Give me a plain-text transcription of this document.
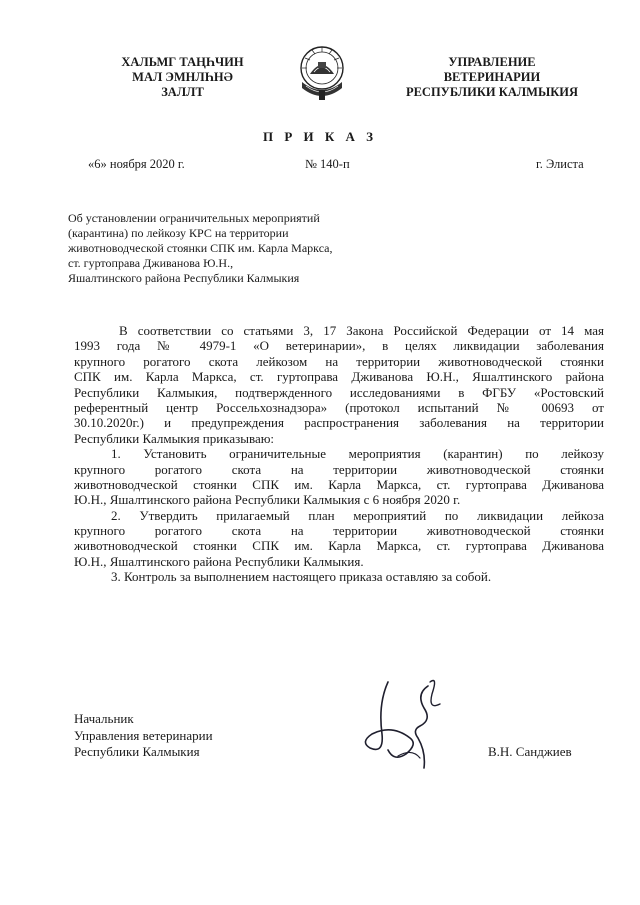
ХАЛЬМГ ТАҢҺЧИН
МАЛ ЭМНЛҺНӘ
ЗАЛЛТ
УПРАВЛЕНИЕ
ВЕТЕРИНАРИИ
РЕСПУБЛИКИ КАЛМЫКИЯ
П Р И К А З
«6» ноября 2020 г.	№ 140-п	г. Элиста
Об установлении ограничительных мероприятий
(карантина) по лейкозу КРС на территории
животноводческой стоянки СПК им. Карла Маркса,
ст. гуртоправа Дживанова Ю.Н.,
Яшалтинского района Республики Калмыкия
В соответствии со статьями 3, 17 Закона Российской Федерации от 14 мая
1993 года № 4979-1 «О ветеринарии», в целях ликвидации заболевания
крупного рогатого скота лейкозом на территории животноводческой стоянки
СПК им. Карла Маркса, ст. гуртоправа Дживанова Ю.Н., Яшалтинского района
Республики Калмыкия, подтвержденного исследованиями в ФГБУ «Ростовский
референтный центр Россельхознадзора» (протокол испытаний № 00693 от
30.10.2020г.) и предупреждения распространения заболевания на территории
Республики Калмыкия приказываю:
1. Установить ограничительные мероприятия (карантин) по лейкозу
крупного рогатого скота на территории животноводческой стоянки
животноводческой стоянки СПК им. Карла Маркса, ст. гуртоправа Дживанова
Ю.Н., Яшалтинского района Республики Калмыкия с 6 ноября 2020 г.
2. Утвердить прилагаемый план мероприятий по ликвидации лейкоза
крупного рогатого скота на территории животноводческой стоянки
животноводческой стоянки СПК им. Карла Маркса, ст. гуртоправа Дживанова
Ю.Н., Яшалтинского района Республики Калмыкия.
3. Контроль за выполнением настоящего приказа оставляю за собой.
Начальник
Управления ветеринарии
Республики Калмыкия	В.Н. Санджиев
